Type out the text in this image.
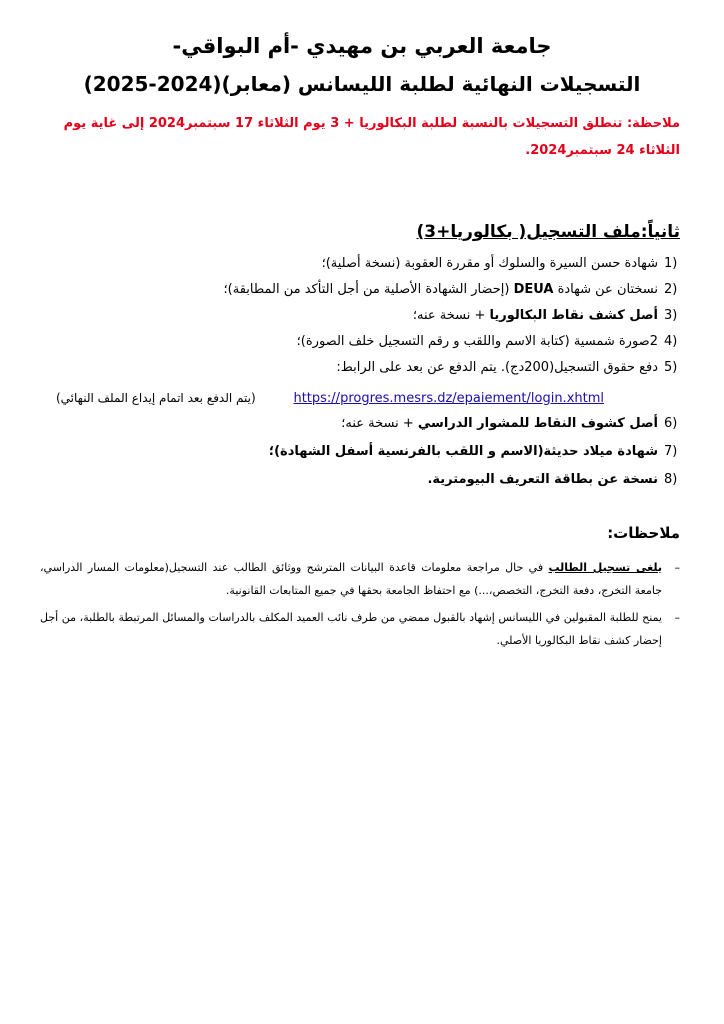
جامعة العربي بن مهيدي -أم البواقي-
التسجيلات النهائية لطلبة الليسانس (معابر)(2024-2025)
ملاحظة: تنطلق التسجيلات بالنسبة لطلبة البكالوريا + 3 يوم الثلاثاء 17 سبتمبر2024 إلى غاية يوم الثلاثاء 24 سبتمبر2024.
ثانياً:ملف التسجيل( بكالوريا+3)
1)
شهادة حسن السيرة والسلوك أو مقررة العقوبة (نسخة أصلية)؛
2)
نسختان عن شهادة DEUA (إحضار الشهادة الأصلية من أجل التأكد من المطابقة)؛
3)
أصل كشف نقاط البكالوريا + نسخة عنه؛
4)
2صورة شمسية (كتابة الاسم واللقب و رقم التسجيل خلف الصورة)؛
5)
دفع حقوق التسجيل(200دج). يتم الدفع عن بعد على الرابط:
https://progres.mesrs.dz/epaiement/login.xhtml
(يتم الدفع بعد اتمام إيداع الملف النهائي)
6)
أصل كشوف النقاط للمشوار الدراسي + نسخة عنه؛
7)
شهادة ميلاد حديثة(الاسم و اللقب بالفرنسية أسفل الشهادة)؛
8)
نسخة عن بطاقة التعريف البيومترية.
ملاحظات:
–
يلغى تسجيل الطالب في حال مراجعة معلومات قاعدة البيانات المترشح ووثائق الطالب عند التسجيل(معلومات المسار الدراسي، جامعة التخرج، دفعة التخرج، التخصص،...) مع احتفاظ الجامعة بحقها في جميع المتابعات القانونية.
–
يمنح للطلبة المقبولين في الليسانس إشهاد بالقبول ممضي من طرف نائب العميد المكلف بالدراسات والمسائل المرتبطة بالطلبة، من أجل إحضار كشف نقاط البكالوريا الأصلي.
